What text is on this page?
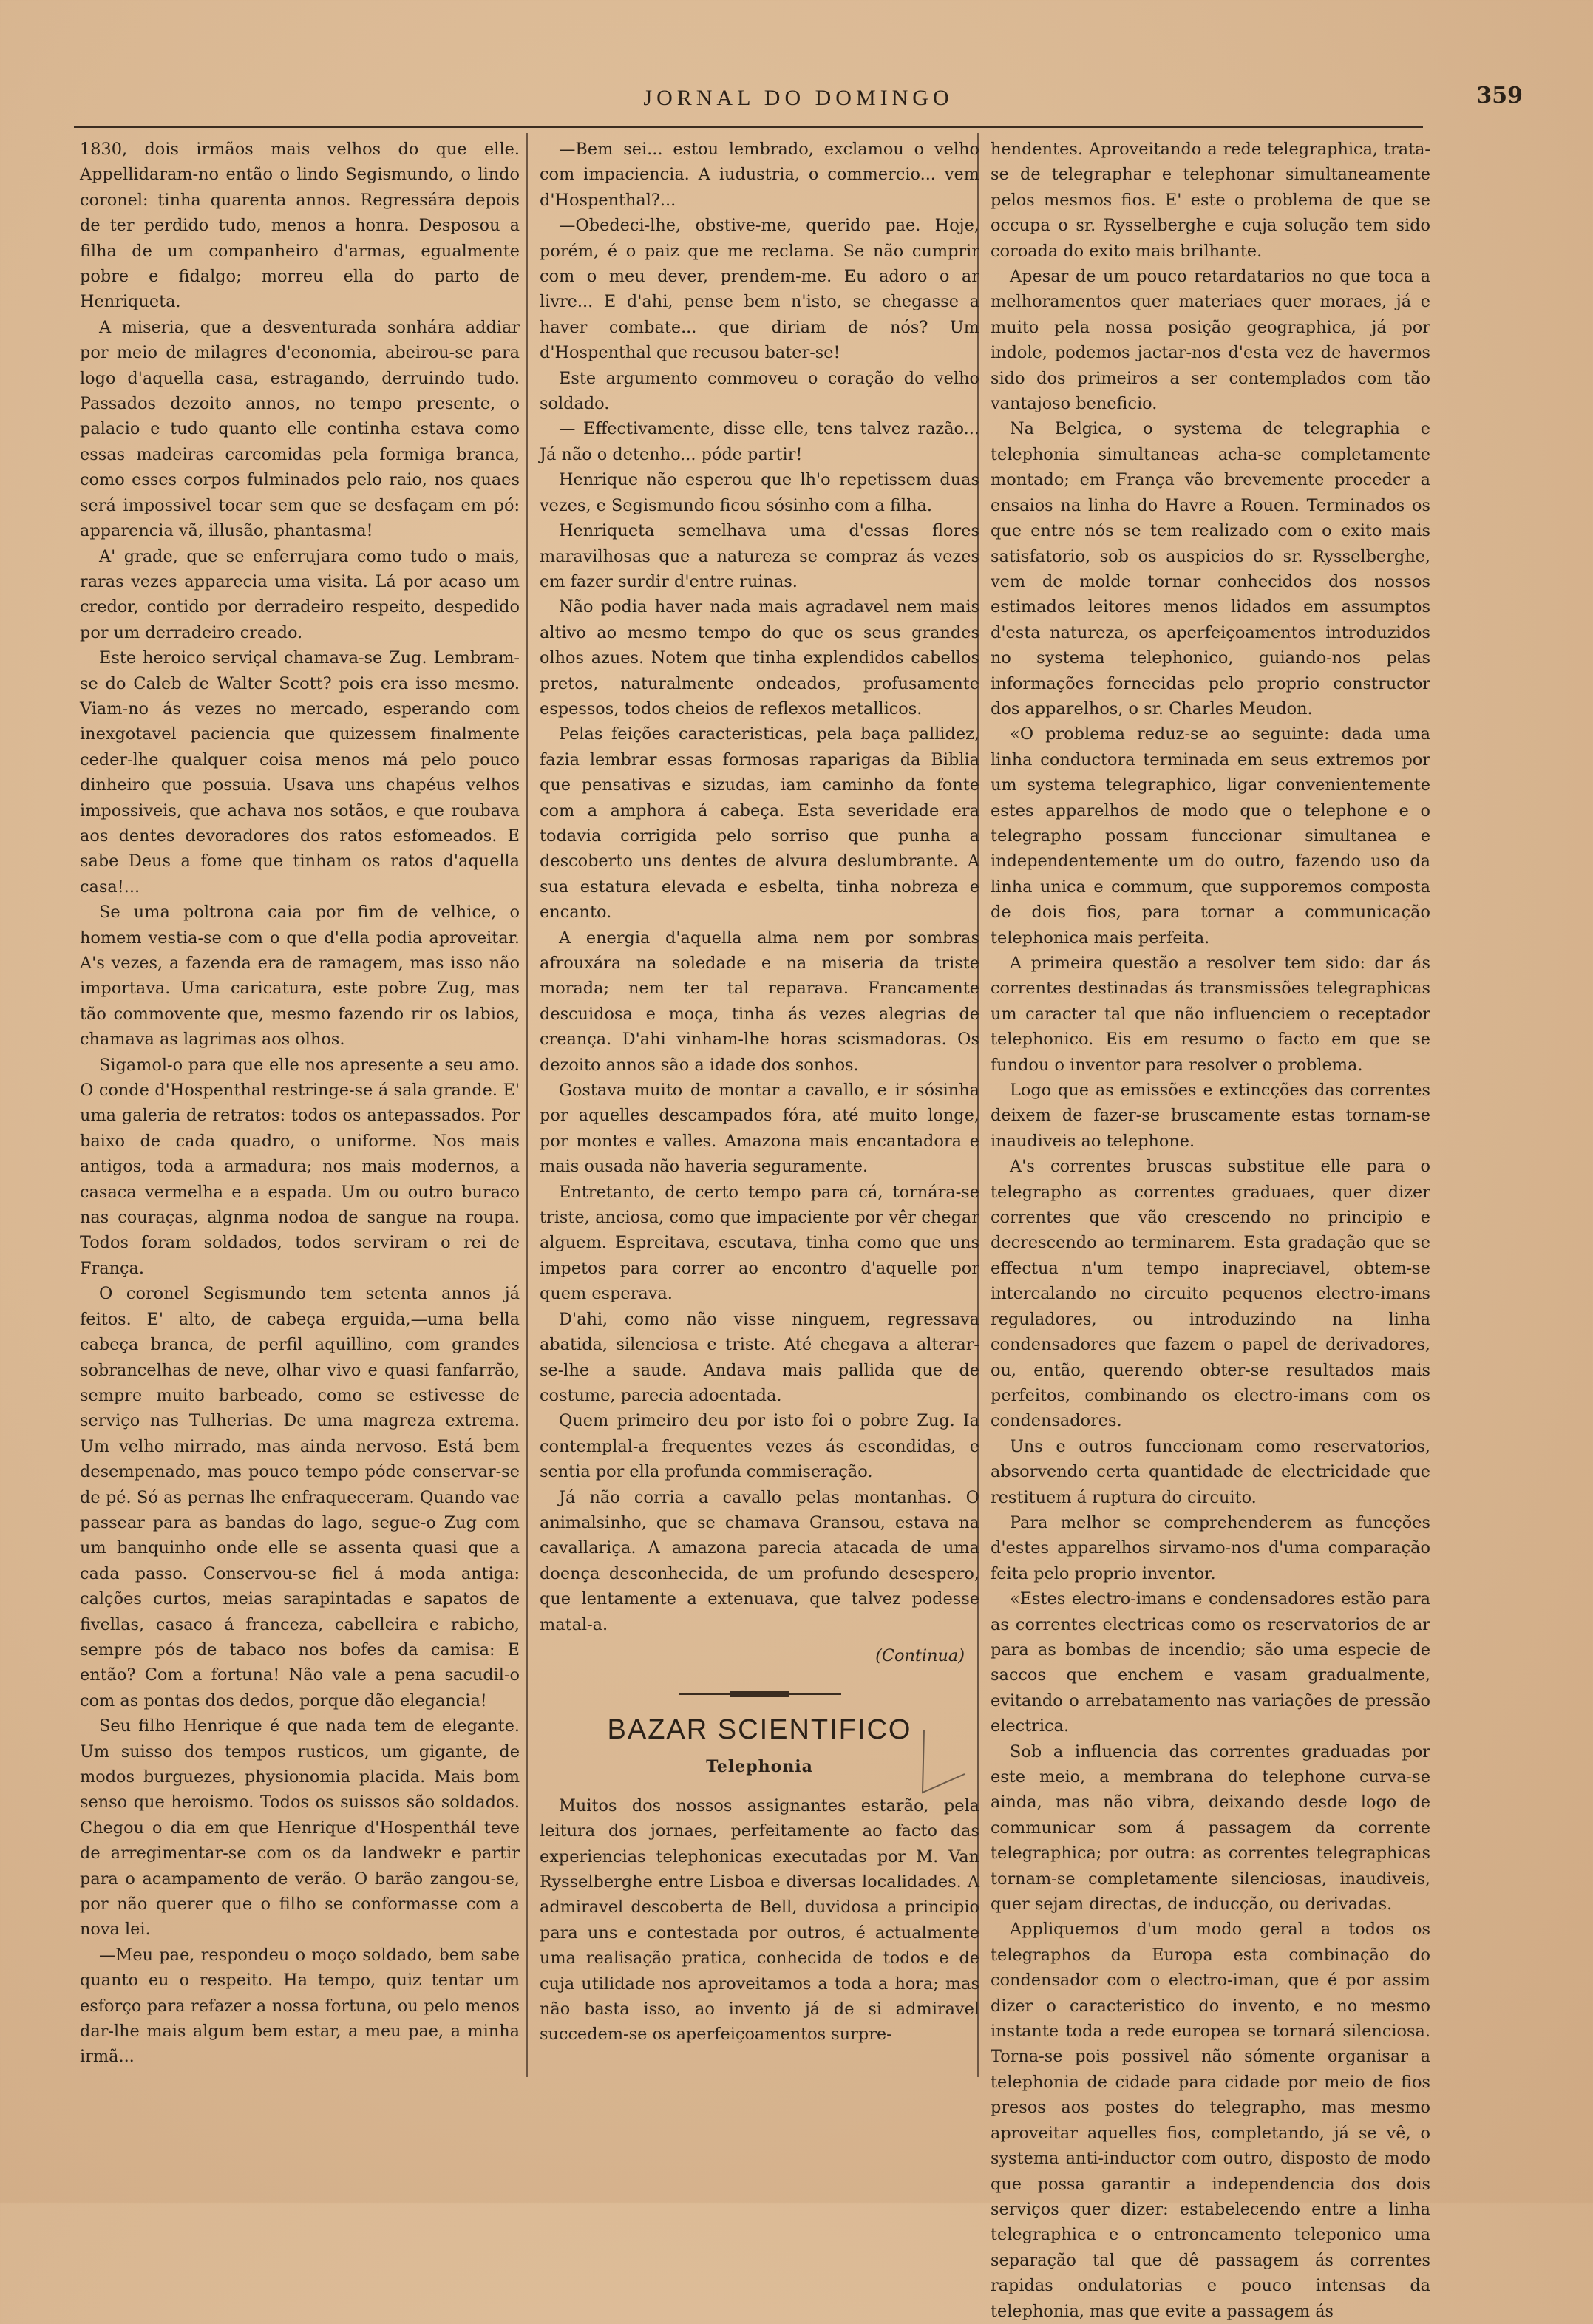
JORNAL DO DOMINGO	359

1830, dois irmãos mais velhos do que elle. Appellidaram-no então o lindo Segismundo, o lindo coronel: tinha quarenta annos. Regressára depois de ter perdido tudo, menos a honra. Desposou a filha de um companheiro d'armas, egualmente pobre e fidalgo; morreu ella do parto de Henriqueta.

A miseria, que a desventurada sonhára addiar por meio de milagres d'economia, abeirou-se para logo d'aquella casa, estragando, derruindo tudo. Passados dezoito annos, no tempo presente, o palacio e tudo quanto elle continha estava como essas madeiras carcomidas pela formiga branca, como esses corpos fulminados pelo raio, nos quaes será impossivel tocar sem que se desfaçam em pó: apparencia vã, illusão, phantasma!

A' grade, que se enferrujara como tudo o mais, raras vezes apparecia uma visita. Lá por acaso um credor, contido por derradeiro respeito, despedido por um derradeiro creado.

Este heroico serviçal chamava-se Zug. Lembram-se do Caleb de Walter Scott? pois era isso mesmo. Viam-no ás vezes no mercado, esperando com inexgotavel paciencia que quizessem finalmente ceder-lhe qualquer coisa menos má pelo pouco dinheiro que possuia. Usava uns chapéus velhos impossiveis, que achava nos sotãos, e que roubava aos dentes devoradores dos ratos esfomeados. E sabe Deus a fome que tinham os ratos d'aquella casa!...

Se uma poltrona caia por fim de velhice, o homem vestia-se com o que d'ella podia aproveitar. A's vezes, a fazenda era de ramagem, mas isso não importava. Uma caricatura, este pobre Zug, mas tão commovente que, mesmo fazendo rir os labios, chamava as lagrimas aos olhos.

Sigamol-o para que elle nos apresente a seu amo. O conde d'Hospenthal restringe-se á sala grande. E' uma galeria de retratos: todos os antepassados. Por baixo de cada quadro, o uniforme. Nos mais antigos, toda a armadura; nos mais modernos, a casaca vermelha e a espada. Um ou outro buraco nas couraças, algnma nodoa de sangue na roupa. Todos foram soldados, todos serviram o rei de França.

O coronel Segismundo tem setenta annos já feitos. E' alto, de cabeça erguida,—uma bella cabeça branca, de perfil aquillino, com grandes sobrancelhas de neve, olhar vivo e quasi fanfarrão, sempre muito barbeado, como se estivesse de serviço nas Tulherias. De uma magreza extrema. Um velho mirrado, mas ainda nervoso. Está bem desempenado, mas pouco tempo póde conservar-se de pé. Só as pernas lhe enfraqueceram. Quando vae passear para as bandas do lago, segue-o Zug com um banquinho onde elle se assenta quasi que a cada passo. Conservou-se fiel á moda antiga: calções curtos, meias sarapintadas e sapatos de fivellas, casaco á franceza, cabelleira e rabicho, sempre pós de tabaco nos bofes da camisa: E então? Com a fortuna! Não vale a pena sacudil-o com as pontas dos dedos, porque dão elegancia!

Seu filho Henrique é que nada tem de elegante. Um suisso dos tempos rusticos, um gigante, de modos burguezes, physionomia placida. Mais bom senso que heroismo. Todos os suissos são soldados. Chegou o dia em que Henrique d'Hospenthál teve de arregimentar-se com os da landwekr e partir para o acampamento de verão. O barão zangou-se, por não querer que o filho se conformasse com a nova lei.

—Meu pae, respondeu o moço soldado, bem sabe quanto eu o respeito. Ha tempo, quiz tentar um esforço para refazer a nossa fortuna, ou pelo menos dar-lhe mais algum bem estar, a meu pae, a minha irmã...

—Bem sei... estou lembrado, exclamou o velho com impaciencia. A iudustria, o commercio... vem d'Hospenthal?...

—Obedeci-lhe, obstive-me, querido pae. Hoje, porém, é o paiz que me reclama. Se não cumprir com o meu dever, prendem-me. Eu adoro o ar livre... E d'ahi, pense bem n'isto, se chegasse a haver combate... que diriam de nós? Um d'Hospenthal que recusou bater-se!

Este argumento commoveu o coração do velho soldado.

— Effectivamente, disse elle, tens talvez razão... Já não o detenho... póde partir!

Henrique não esperou que lh'o repetissem duas vezes, e Segismundo ficou sósinho com a filha.

Henriqueta semelhava uma d'essas flores maravilhosas que a natureza se compraz ás vezes em fazer surdir d'entre ruinas.

Não podia haver nada mais agradavel nem mais altivo ao mesmo tempo do que os seus grandes olhos azues. Notem que tinha explendidos cabellos pretos, naturalmente ondeados, profusamente espessos, todos cheios de reflexos metallicos.

Pelas feições caracteristicas, pela baça pallidez, fazia lembrar essas formosas raparigas da Biblia que pensativas e sizudas, iam caminho da fonte com a amphora á cabeça. Esta severidade era todavia corrigida pelo sorriso que punha a descoberto uns dentes de alvura deslumbrante. A sua estatura elevada e esbelta, tinha nobreza e encanto.

A energia d'aquella alma nem por sombras afrouxára na soledade e na miseria da triste morada; nem ter tal reparava. Francamente descuidosa e moça, tinha ás vezes alegrias de creança. D'ahi vinham-lhe horas scismadoras. Os dezoito annos são a idade dos sonhos.

Gostava muito de montar a cavallo, e ir sósinha por aquelles descampados fóra, até muito longe, por montes e valles. Amazona mais encantadora e mais ousada não haveria seguramente.

Entretanto, de certo tempo para cá, tornára-se triste, anciosa, como que impaciente por vêr chegar alguem. Espreitava, escutava, tinha como que uns impetos para correr ao encontro d'aquelle por quem esperava.

D'ahi, como não visse ninguem, regressava abatida, silenciosa e triste. Até chegava a alterar-se-lhe a saude. Andava mais pallida que de costume, parecia adoentada.

Quem primeiro deu por isto foi o pobre Zug. Ia contemplal-a frequentes vezes ás escondidas, e sentia por ella profunda commiseração.

Já não corria a cavallo pelas montanhas. O animalsinho, que se chamava Gransou, estava na cavallariça. A amazona parecia atacada de uma doença desconhecida, de um profundo desespero, que lentamente a extenuava, que talvez podesse matal-a.

(Continua)

BAZAR SCIENTIFICO

Telephonia

Muitos dos nossos assignantes estarão, pela leitura dos jornaes, perfeitamente ao facto das experiencias telephonicas executadas por M. Van Rysselberghe entre Lisboa e diversas localidades. A admiravel descoberta de Bell, duvidosa a principio para uns e contestada por outros, é actualmente uma realisação pratica, conhecida de todos e de cuja utilidade nos aproveitamos a toda a hora; mas não basta isso, ao invento já de si admiravel succedem-se os aperfeiçoamentos surpre-

hendentes. Aproveitando a rede telegraphica, trata-se de telegraphar e telephonar simultaneamente pelos mesmos fios. E' este o problema de que se occupa o sr. Rysselberghe e cuja solução tem sido coroada do exito mais brilhante.

Apesar de um pouco retardatarios no que toca a melhoramentos quer materiaes quer moraes, já e muito pela nossa posição geographica, já por indole, podemos jactar-nos d'esta vez de havermos sido dos primeiros a ser contemplados com tão vantajoso beneficio.

Na Belgica, o systema de telegraphia e telephonia simultaneas acha-se completamente montado; em França vão brevemente proceder a ensaios na linha do Havre a Rouen. Terminados os que entre nós se tem realizado com o exito mais satisfatorio, sob os auspicios do sr. Rysselberghe, vem de molde tornar conhecidos dos nossos estimados leitores menos lidados em assumptos d'esta natureza, os aperfeiçoamentos introduzidos no systema telephonico, guiando-nos pelas informações fornecidas pelo proprio constructor dos apparelhos, o sr. Charles Meudon.

«O problema reduz-se ao seguinte: dada uma linha conductora terminada em seus extremos por um systema telegraphico, ligar convenientemente estes apparelhos de modo que o telephone e o telegrapho possam funccionar simultanea e independentemente um do outro, fazendo uso da linha unica e commum, que supporemos composta de dois fios, para tornar a communicação telephonica mais perfeita.

A primeira questão a resolver tem sido: dar ás correntes destinadas ás transmissões telegraphicas um caracter tal que não influenciem o receptador telephonico. Eis em resumo o facto em que se fundou o inventor para resolver o problema.

Logo que as emissões e extincções das correntes deixem de fazer-se bruscamente estas tornam-se inaudiveis ao telephone.

A's correntes bruscas substitue elle para o telegrapho as correntes graduaes, quer dizer correntes que vão crescendo no principio e decrescendo ao terminarem. Esta gradação que se effectua n'um tempo inapreciavel, obtem-se intercalando no circuito pequenos electro-imans reguladores, ou introduzindo na linha condensadores que fazem o papel de derivadores, ou, então, querendo obter-se resultados mais perfeitos, combinando os electro-imans com os condensadores.

Uns e outros funccionam como reservatorios, absorvendo certa quantidade de electricidade que restituem á ruptura do circuito.

Para melhor se comprehenderem as funcções d'estes apparelhos sirvamo-nos d'uma comparação feita pelo proprio inventor.

«Estes electro-imans e condensadores estão para as correntes electricas como os reservatorios de ar para as bombas de incendio; são uma especie de saccos que enchem e vasam gradualmente, evitando o arrebatamento nas variações de pressão electrica.

Sob a influencia das correntes graduadas por este meio, a membrana do telephone curva-se ainda, mas não vibra, deixando desde logo de communicar som á passagem da corrente telegraphica; por outra: as correntes telegraphicas tornam-se completamente silenciosas, inaudiveis, quer sejam directas, de inducção, ou derivadas.

Appliquemos d'um modo geral a todos os telegraphos da Europa esta combinação do condensador com o electro-iman, que é por assim dizer o caracteristico do invento, e no mesmo instante toda a rede europea se tornará silenciosa. Torna-se pois possivel não sómente organisar a telephonia de cidade para cidade por meio de fios presos aos postes do telegrapho, mas mesmo aproveitar aquelles fios, completando, já se vê, o systema anti-inductor com outro, disposto de modo que possa garantir a independencia dos dois serviços quer dizer: estabelecendo entre a linha telegraphica e o entroncamento teleponico uma separação tal que dê passagem ás correntes rapidas ondulatorias e pouco intensas da telephonia, mas que evite a passagem ás
